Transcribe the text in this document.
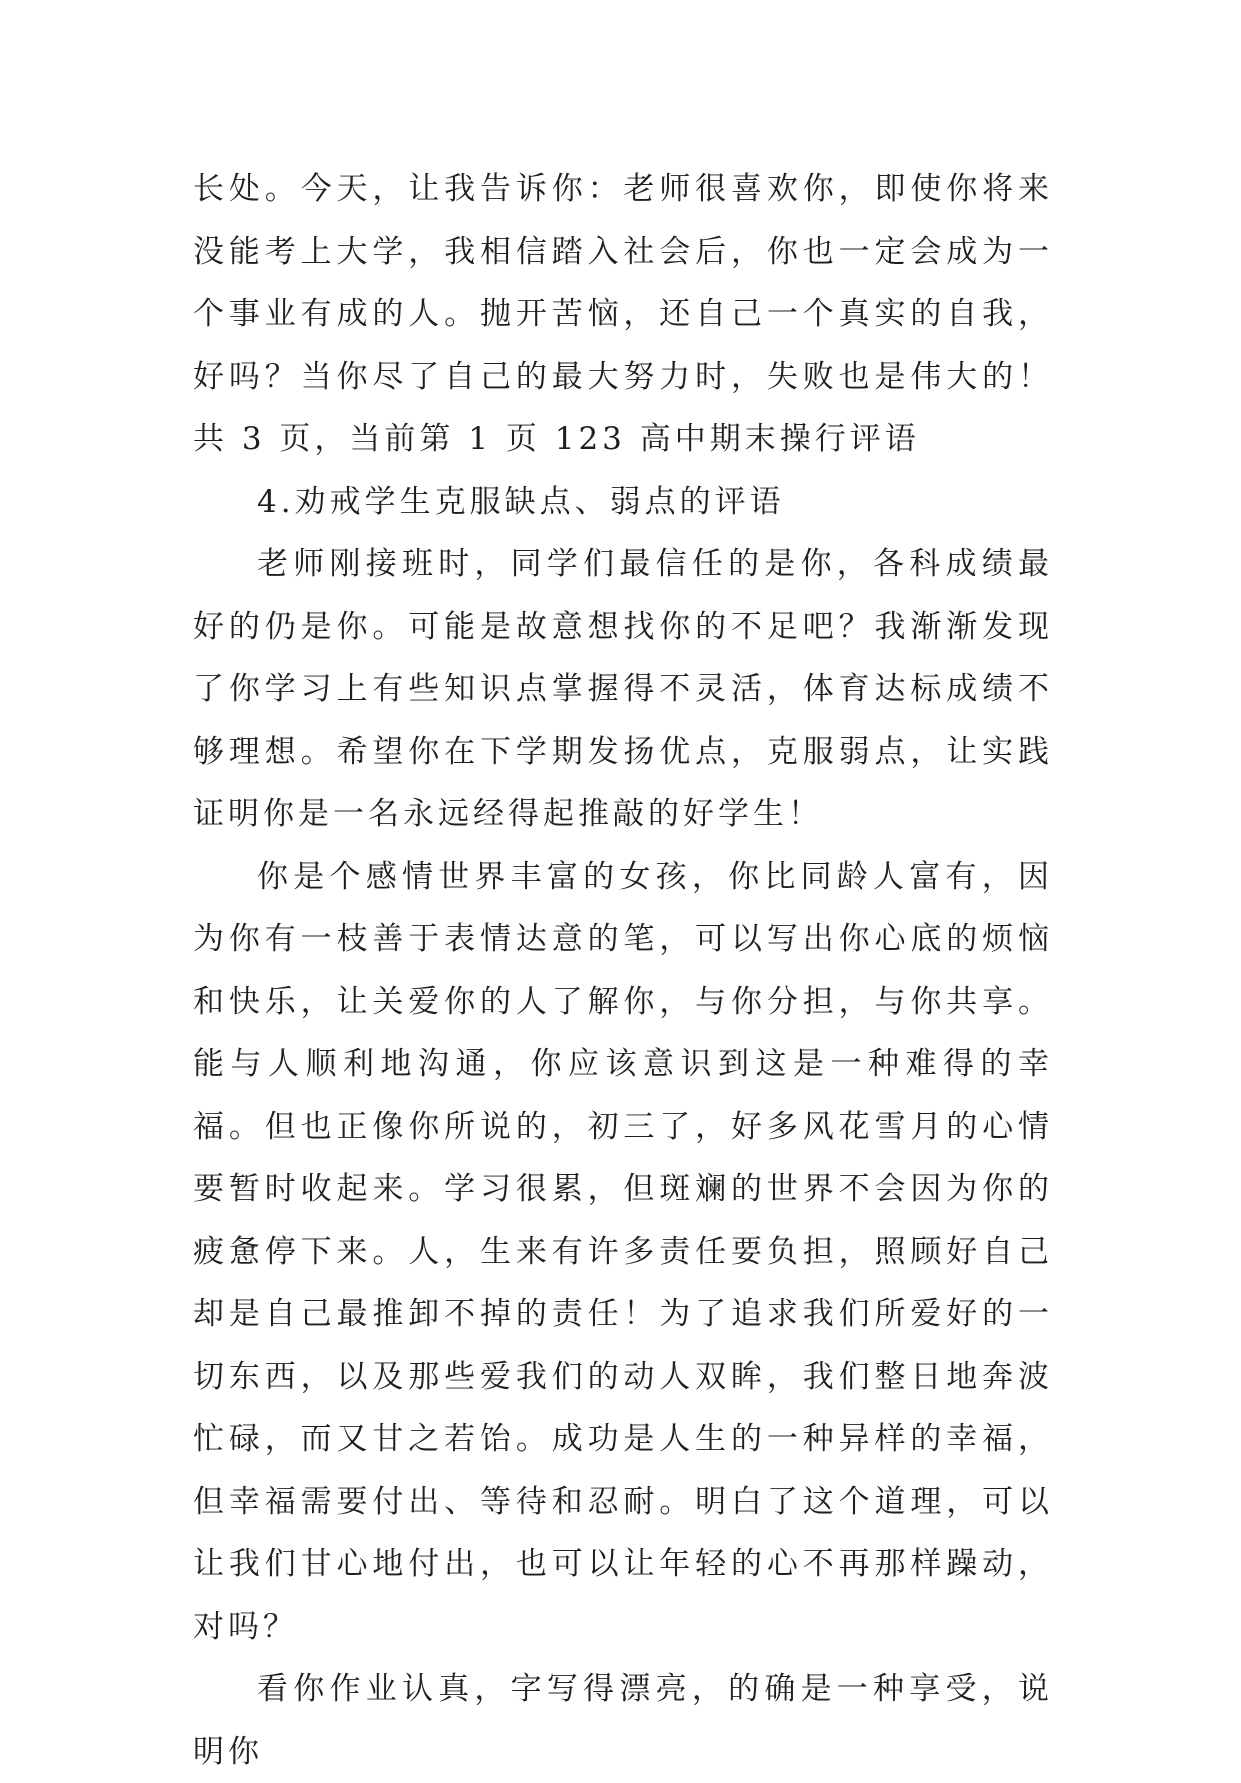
长处。今天，让我告诉你：老师很喜欢你，即使你将来没能考上大学，我相信踏入社会后，你也一定会成为一个事业有成的人。抛开苦恼，还自己一个真实的自我，好吗？当你尽了自己的最大努力时，失败也是伟大的！ 共 3 页，当前第 1 页 123 高中期末操行评语

4.劝戒学生克服缺点、弱点的评语

老师刚接班时，同学们最信任的是你，各科成绩最好的仍是你。可能是故意想找你的不足吧？我渐渐发现了你学习上有些知识点掌握得不灵活，体育达标成绩不够理想。希望你在下学期发扬优点，克服弱点，让实践证明你是一名永远经得起推敲的好学生！

你是个感情世界丰富的女孩，你比同龄人富有，因为你有一枝善于表情达意的笔，可以写出你心底的烦恼和快乐，让关爱你的人了解你，与你分担，与你共享。能与人顺利地沟通，你应该意识到这是一种难得的幸福。但也正像你所说的，初三了，好多风花雪月的心情要暂时收起来。学习很累，但斑斓的世界不会因为你的疲惫停下来。人，生来有许多责任要负担，照顾好自己却是自己最推卸不掉的责任！为了追求我们所爱好的一切东西，以及那些爱我们的动人双眸，我们整日地奔波忙碌，而又甘之若饴。成功是人生的一种异样的幸福，但幸福需要付出、等待和忍耐。明白了这个道理，可以让我们甘心地付出，也可以让年轻的心不再那样躁动，对吗？

看你作业认真，字写得漂亮，的确是一种享受，说明你
